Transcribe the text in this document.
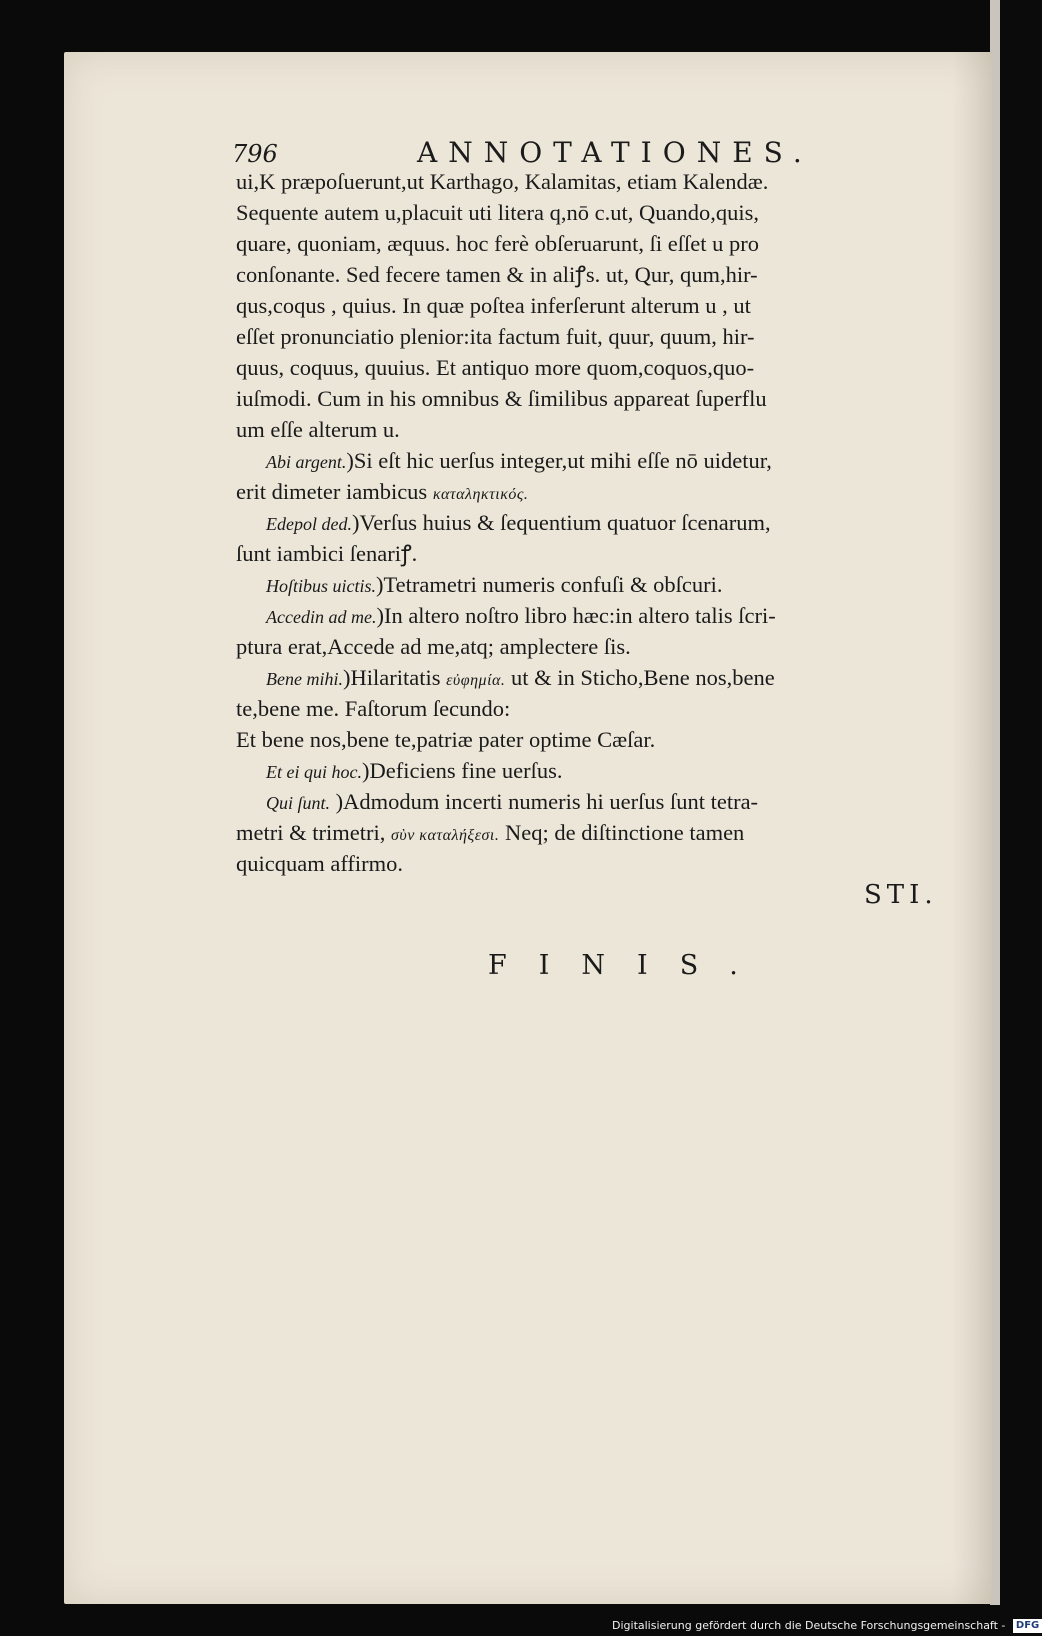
796	ANNOTATIONES.
ui,K præpoſuerunt,ut Karthago, Kalamitas, etiam Kalendæ.
Sequente autem u,placuit uti litera q,nō c.ut, Quando,quis,
quare, quoniam, æquus. hoc ferè obſeruarunt, ſi eſſet u pro
conſonante. Sed fecere tamen & in aliꝭs. ut, Qur, qum,hir-
qus,coqus , quius. In quæ poſtea inferſerunt alterum u , ut
eſſet pronunciatio plenior:ita factum fuit, quur, quum, hir-
quus, coquus, quuius. Et antiquo more quom,coquos,quo-
iuſmodi. Cum in his omnibus & ſimilibus appareat ſuperflu
um eſſe alterum u.
Abi argent.)Si eſt hic uerſus integer,ut mihi eſſe nō uidetur,
erit dimeter iambicus καταληκτικός.
Edepol ded.)Verſus huius & ſequentium quatuor ſcenarum,
ſunt iambici ſenariꝭ.
Hoſtibus uictis.)Tetrametri numeris confuſi & obſcuri.
Accedin ad me.)In altero noſtro libro hæc:in altero talis ſcri-
ptura erat,Accede ad me,atq; amplectere ſis.
Bene mihi.)Hilaritatis εὐφημία. ut & in Sticho,Bene nos,bene
te,bene me. Faſtorum ſecundo:
Et bene nos,bene te,patriæ pater optime Cæſar.
Et ei qui hoc.)Deficiens fine uerſus.
Qui ſunt. )Admodum incerti numeris hi uerſus ſunt tetra-
metri & trimetri, σὺν καταλήξεσι. Neq; de diſtinctione tamen
quicquam affirmo.
STI.
FINIS.
Digitalisierung gefördert durch die Deutsche Forschungsgemeinschaft - DFG
